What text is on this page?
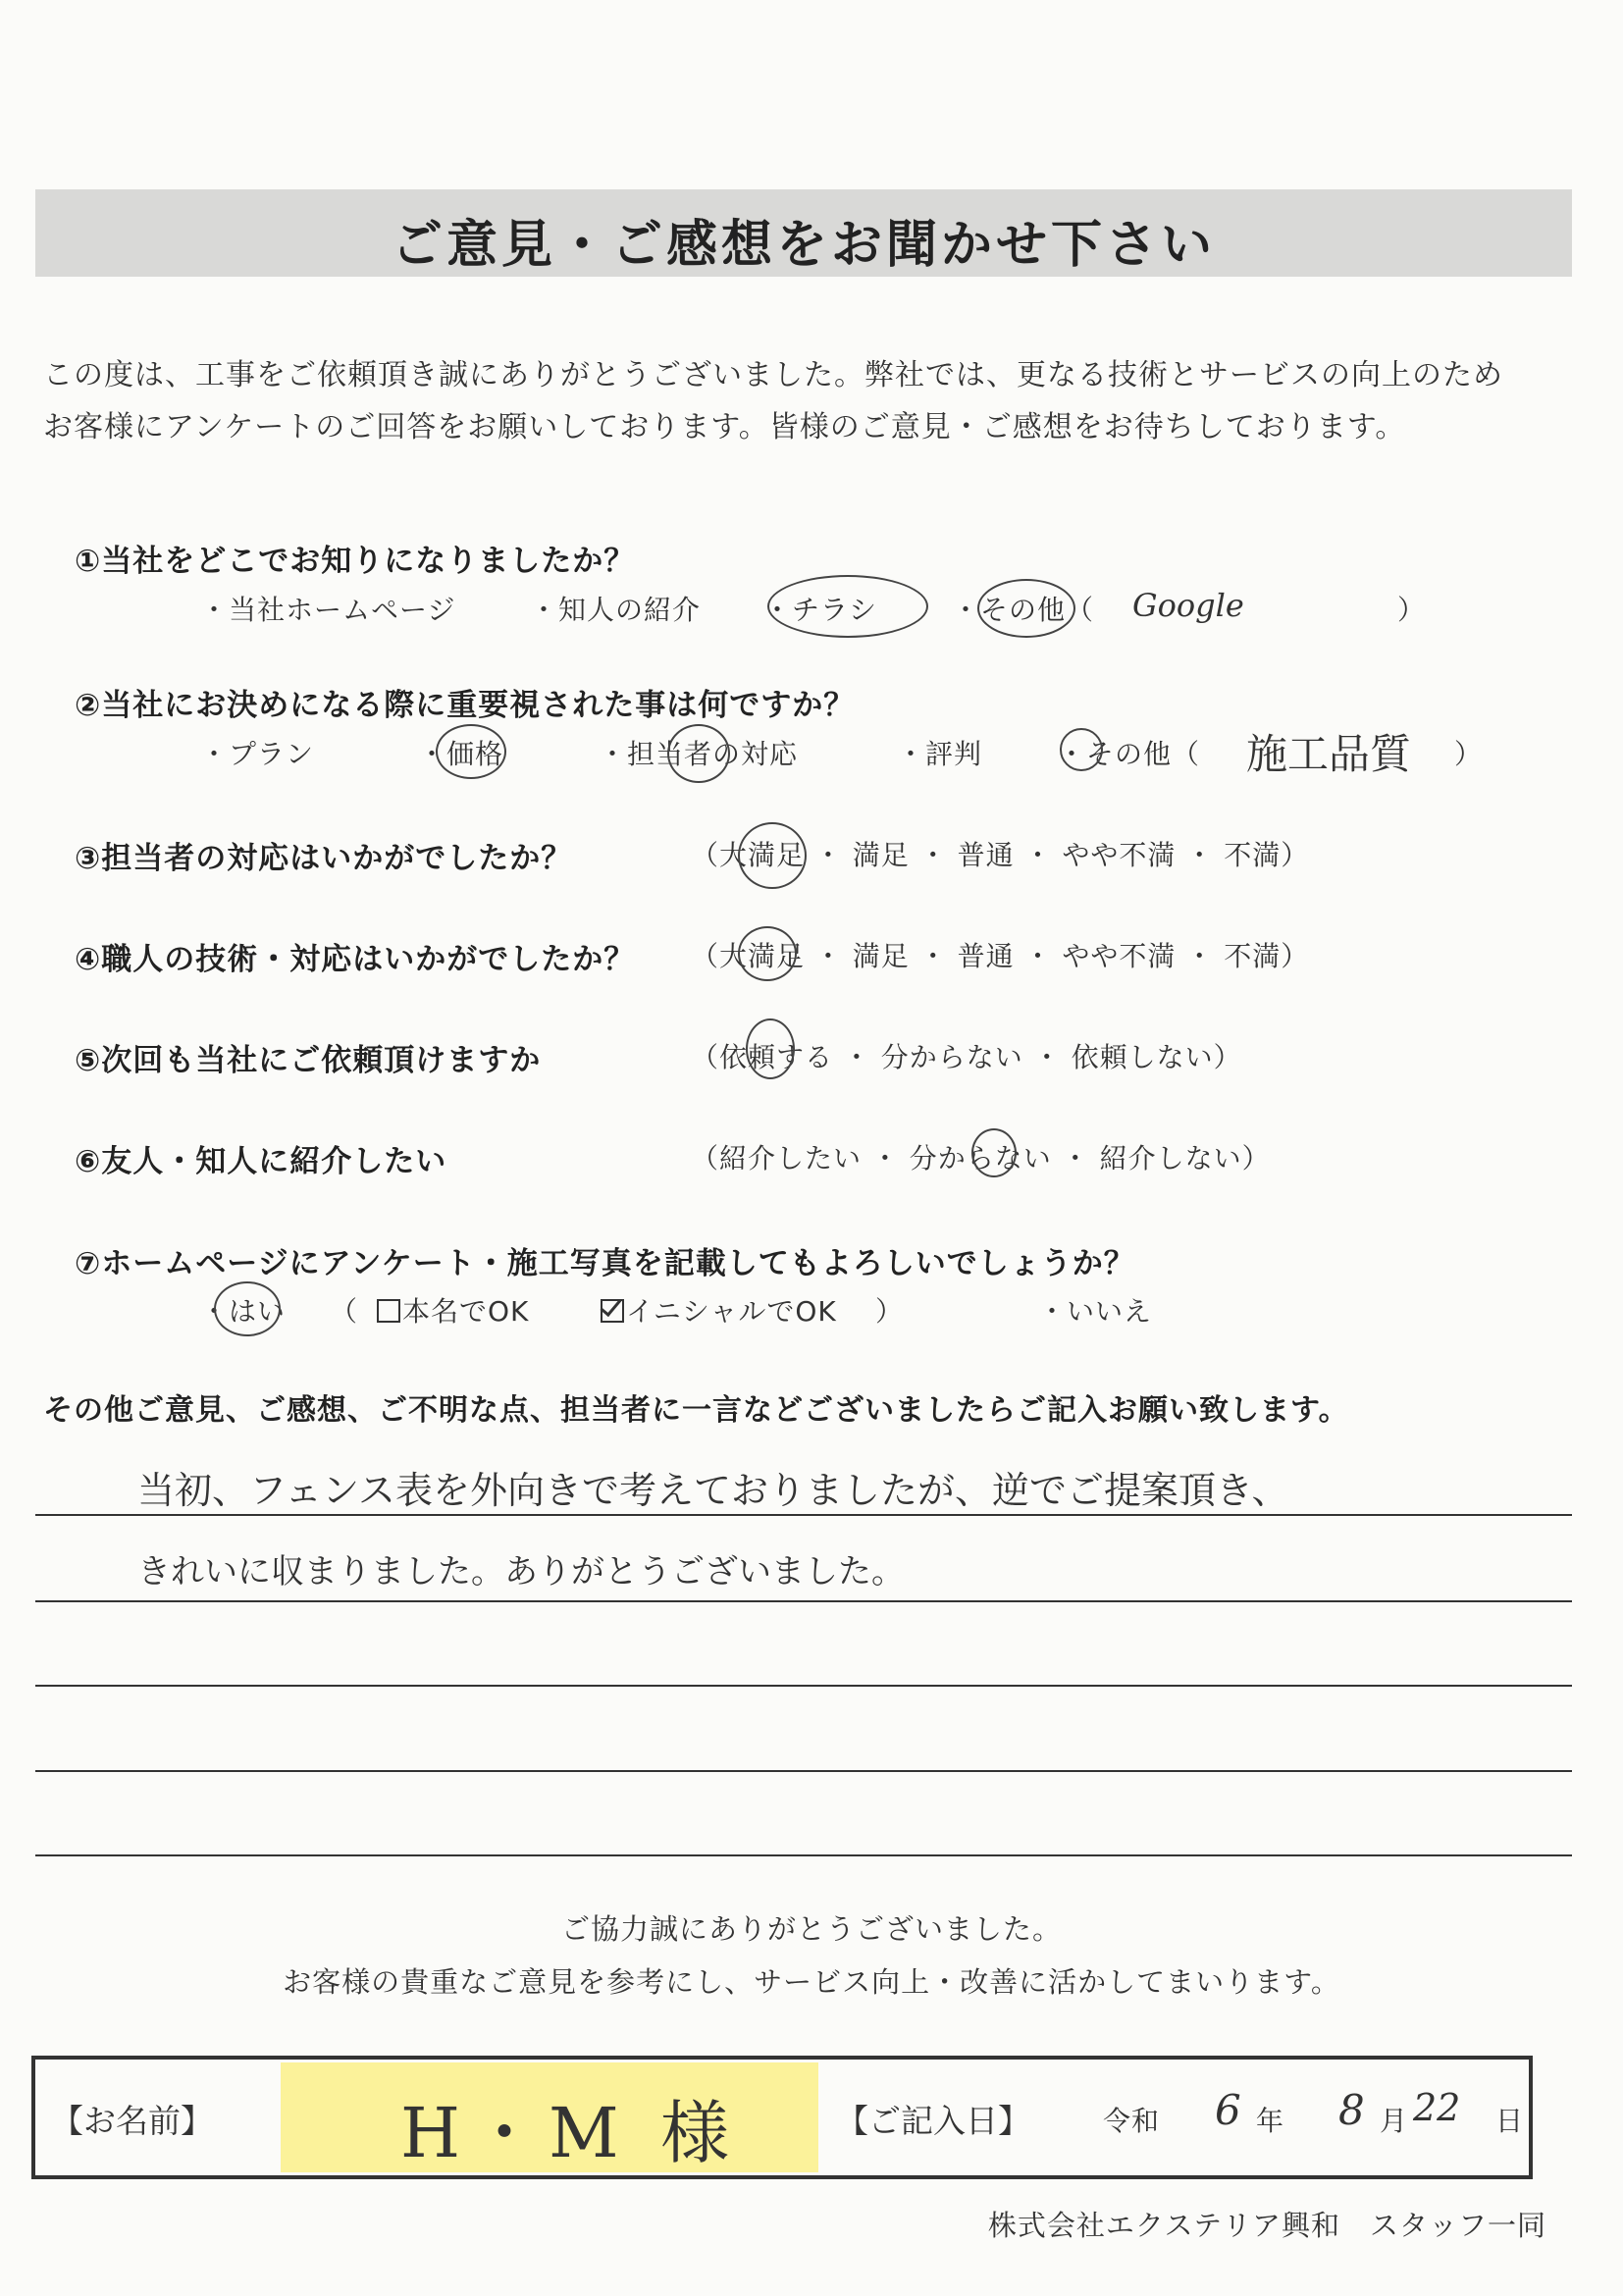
ご意見・ご感想をお聞かせ下さい
この度は、工事をご依頼頂き誠にありがとうございました。弊社では、更なる技術とサービスの向上のため
お客様にアンケートのご回答をお願いしております。皆様のご意見・ご感想をお待ちしております。
①当社をどこでお知りになりましたか？
・当社ホームページ	・知人の紹介 ・チラシ	・その他（ Google	）
②当社にお決めになる際に重要視された事は何ですか？
・プラン	・価格	・担当者の対応	・評判	・その他（ 施工品質 ）
③担当者の対応はいかがでしたか？	（大満足 ・ 満足 ・ 普通 ・ やや不満 ・ 不満）
④職人の技術・対応はいかがでしたか？ （大満足 ・ 満足 ・ 普通 ・ やや不満 ・ 不満）
⑤次回も当社にご依頼頂けますか	（依頼する ・ 分からない ・ 依頼しない）
⑥友人・知人に紹介したい	（紹介したい ・ 分からない ・ 紹介しない）
⑦ホームページにアンケート・施工写真を記載してもよろしいでしょうか？
・はい （	本名でOK	イニシャルでOK ）	・いいえ
その他ご意見、ご感想、ご不明な点、担当者に一言などございましたらご記入お願い致します。
当初、フェンス表を外向きで考えておりましたが、逆でご提案頂き、
きれいに収まりました。ありがとうございました。
ご協力誠にありがとうございました。
お客様の貴重なご意見を参考にし、サービス向上・改善に活かしてまいります。
【お名前】	H・M 様	【ご記入日】	令和 6 年 8 月 22 日
株式会社エクステリア興和　スタッフ一同
